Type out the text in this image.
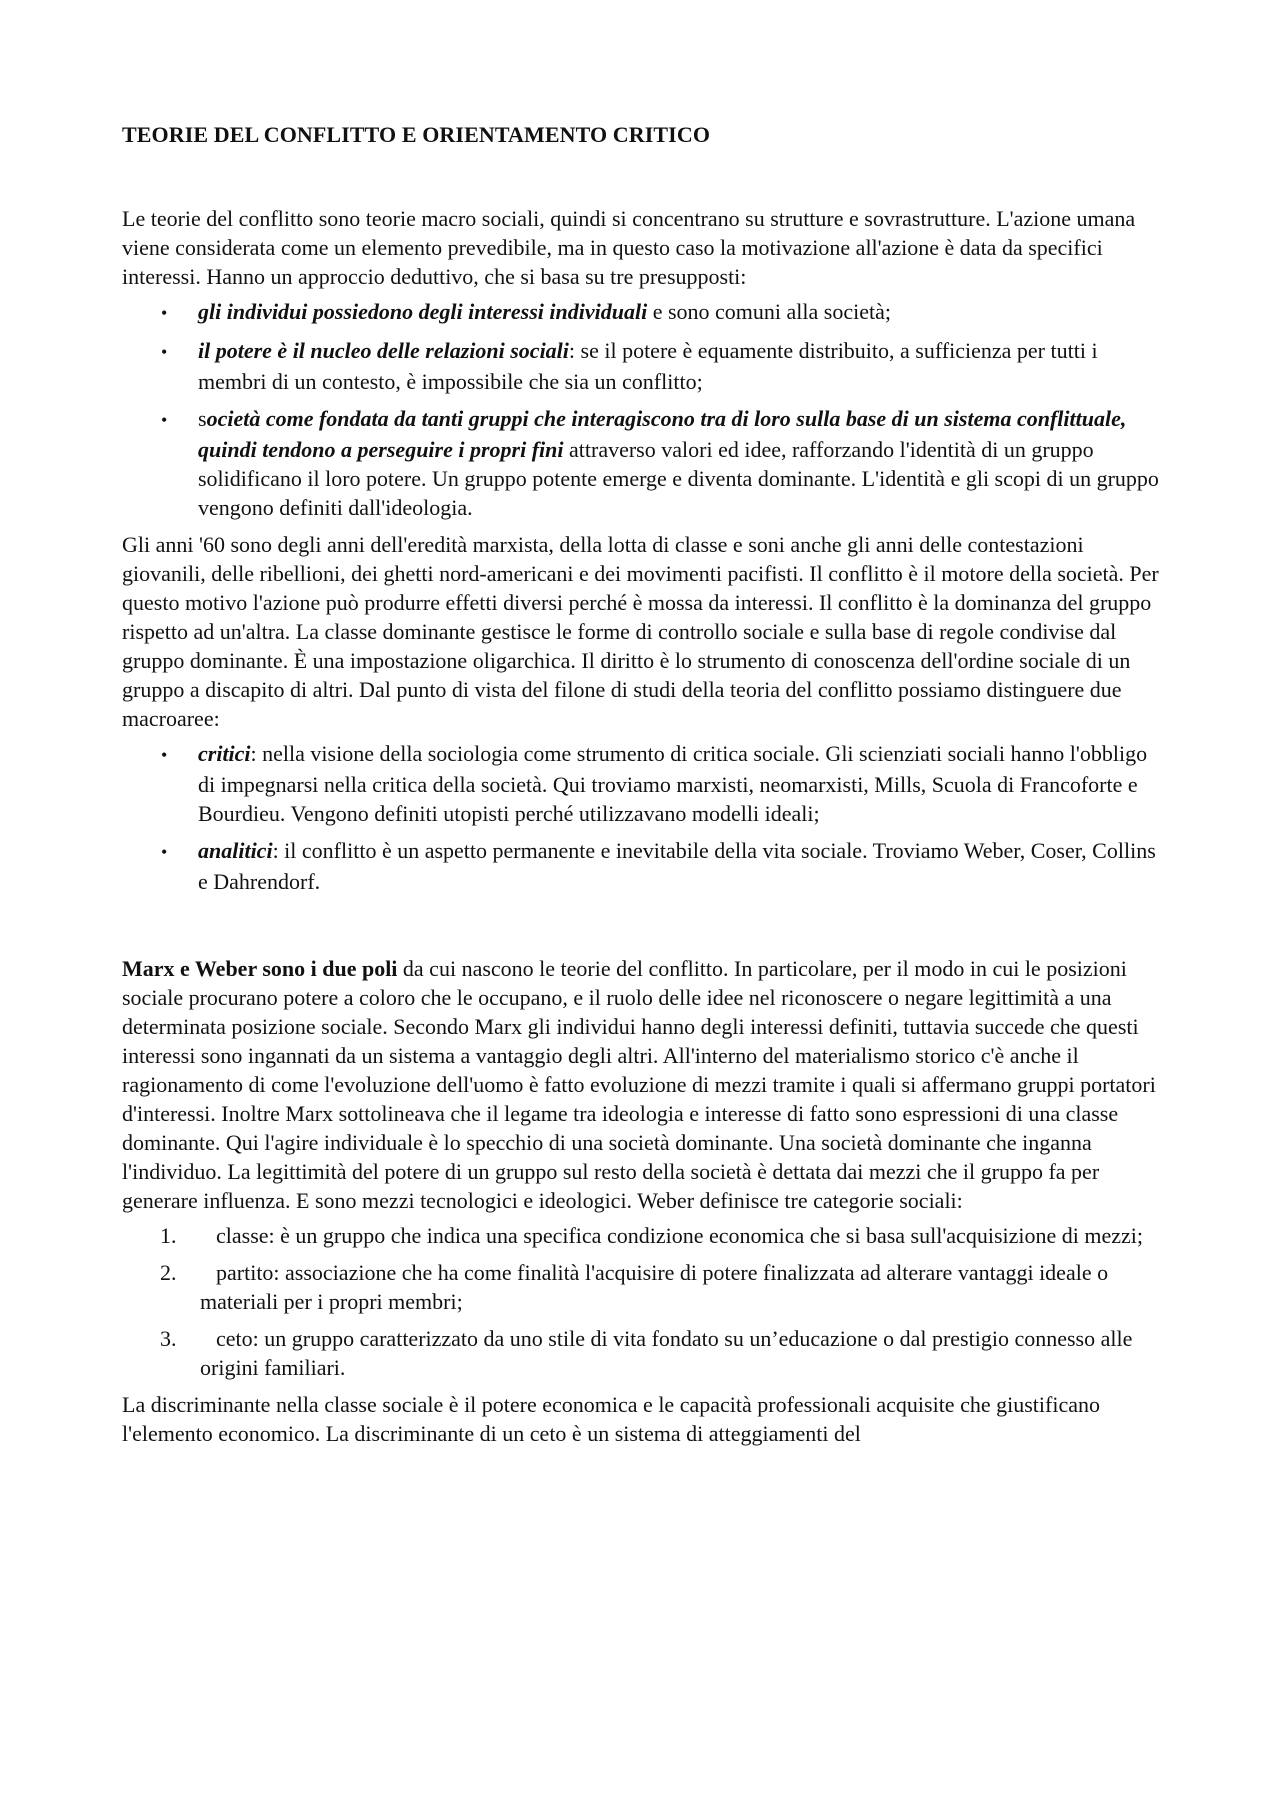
TEORIE DEL CONFLITTO E ORIENTAMENTO CRITICO

Le teorie del conflitto sono teorie macro sociali, quindi si concentrano su strutture e sovrastrutture. L'azione umana viene considerata come un elemento prevedibile, ma in questo caso la motivazione all'azione è data da specifici interessi. Hanno un approccio deduttivo, che si basa su tre presupposti:

• gli individui possiedono degli interessi individuali e sono comuni alla società;
• il potere è il nucleo delle relazioni sociali: se il potere è equamente distribuito, a sufficienza per tutti i membri di un contesto, è impossibile che sia un conflitto;
• società come fondata da tanti gruppi che interagiscono tra di loro sulla base di un sistema conflittuale, quindi tendono a perseguire i propri fini attraverso valori ed idee, rafforzando l'identità di un gruppo solidificano il loro potere. Un gruppo potente emerge e diventa dominante. L'identità e gli scopi di un gruppo vengono definiti dall'ideologia.

Gli anni '60 sono degli anni dell'eredità marxista, della lotta di classe e soni anche gli anni delle contestazioni giovanili, delle ribellioni, dei ghetti nord-americani e dei movimenti pacifisti. Il conflitto è il motore della società. Per questo motivo l'azione può produrre effetti diversi perché è mossa da interessi. Il conflitto è la dominanza del gruppo rispetto ad un'altra. La classe dominante gestisce le forme di controllo sociale e sulla base di regole condivise dal gruppo dominante. È una impostazione oligarchica. Il diritto è lo strumento di conoscenza dell'ordine sociale di un gruppo a discapito di altri. Dal punto di vista del filone di studi della teoria del conflitto possiamo distinguere due macroaree:

• critici: nella visione della sociologia come strumento di critica sociale. Gli scienziati sociali hanno l'obbligo di impegnarsi nella critica della società. Qui troviamo marxisti, neomarxisti, Mills, Scuola di Francoforte e Bourdieu. Vengono definiti utopisti perché utilizzavano modelli ideali;
• analitici: il conflitto è un aspetto permanente e inevitabile della vita sociale. Troviamo Weber, Coser, Collins e Dahrendorf.

Marx e Weber sono i due poli da cui nascono le teorie del conflitto. In particolare, per il modo in cui le posizioni sociale procurano potere a coloro che le occupano, e il ruolo delle idee nel riconoscere o negare legittimità a una determinata posizione sociale. Secondo Marx gli individui hanno degli interessi definiti, tuttavia succede che questi interessi sono ingannati da un sistema a vantaggio degli altri. All'interno del materialismo storico c'è anche il ragionamento di come l'evoluzione dell'uomo è fatto evoluzione di mezzi tramite i quali si affermano gruppi portatori d'interessi. Inoltre Marx sottolineava che il legame tra ideologia e interesse di fatto sono espressioni di una classe dominante. Qui l'agire individuale è lo specchio di una società dominante. Una società dominante che inganna l'individuo. La legittimità del potere di un gruppo sul resto della società è dettata dai mezzi che il gruppo fa per generare influenza. E sono mezzi tecnologici e ideologici. Weber definisce tre categorie sociali:

1. classe: è un gruppo che indica una specifica condizione economica che si basa sull'acquisizione di mezzi;
2. partito: associazione che ha come finalità l'acquisire di potere finalizzata ad alterare vantaggi ideale o materiali per i propri membri;
3. ceto: un gruppo caratterizzato da uno stile di vita fondato su un’educazione o dal prestigio connesso alle origini familiari.

La discriminante nella classe sociale è il potere economica e le capacità professionali acquisite che giustificano l'elemento economico. La discriminante di un ceto è un sistema di atteggiamenti del
